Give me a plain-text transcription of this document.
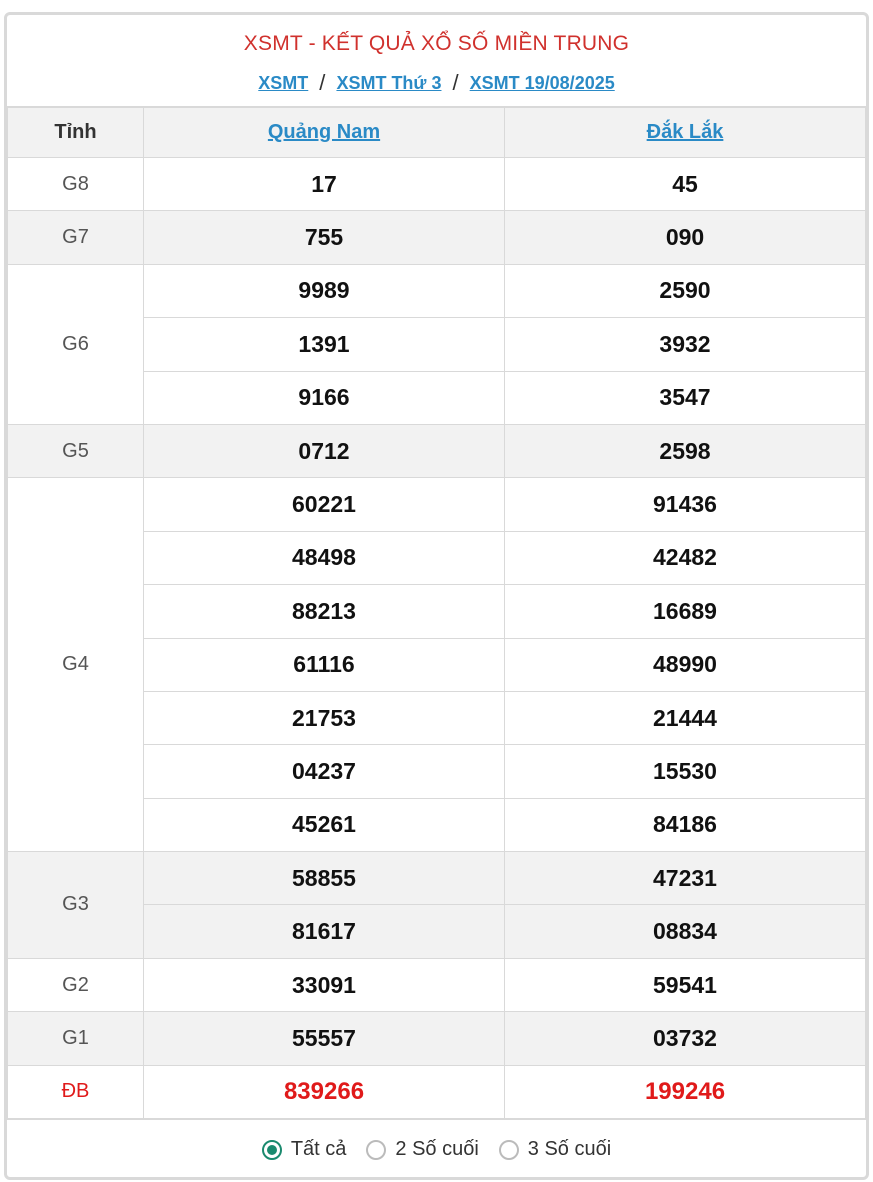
XSMT - KẾT QUẢ XỔ SỐ MIỀN TRUNG
XSMT / XSMT Thứ 3 / XSMT 19/08/2025
Tỉnh	Quảng Nam	Đắk Lắk
G8	17	45
G7	755	090
G6	9989	2590
	1391	3932
	9166	3547
G5	0712	2598
G4	60221	91436
	48498	42482
	88213	16689
	61116	48990
	21753	21444
	04237	15530
	45261	84186
G3	58855	47231
	81617	08834
G2	33091	59541
G1	55557	03732
ĐB	839266	199246
Tất cả 2 Số cuối 3 Số cuối
